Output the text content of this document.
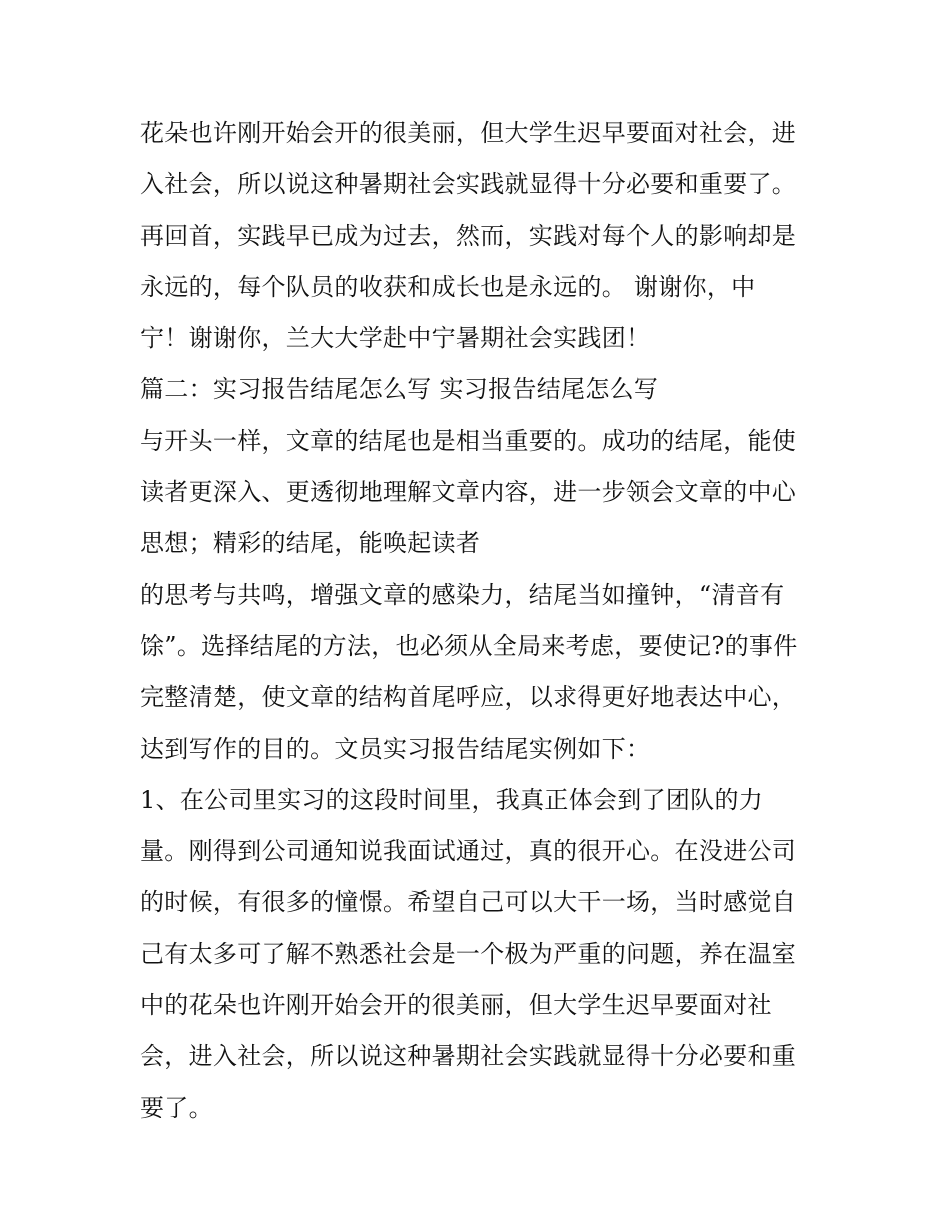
花朵也许刚开始会开的很美丽，但大学生迟早要面对社会，进
入社会，所以说这种暑期社会实践就显得十分必要和重要了。
再回首，实践早已成为过去，然而，实践对每个人的影响却是
永远的，每个队员的收获和成长也是永远的。 谢谢你，中
宁！谢谢你，兰大大学赴中宁暑期社会实践团！
篇二：实习报告结尾怎么写 实习报告结尾怎么写
与开头一样，文章的结尾也是相当重要的。成功的结尾，能使
读者更深入、更透彻地理解文章内容，进一步领会文章的中心
思想；精彩的结尾，能唤起读者
的思考与共鸣，增强文章的感染力，结尾当如撞钟，“清音有
馀”。选择结尾的方法，也必须从全局来考虑，要使记?的事件
完整清楚，使文章的结构首尾呼应，以求得更好地表达中心，
达到写作的目的。文员实习报告结尾实例如下：
1、在公司里实习的这段时间里，我真正体会到了团队的力
量。刚得到公司通知说我面试通过，真的很开心。在没进公司
的时候，有很多的憧憬。希望自己可以大干一场，当时感觉自
己有太多可了解不熟悉社会是一个极为严重的问题，养在温室
中的花朵也许刚开始会开的很美丽，但大学生迟早要面对社
会，进入社会，所以说这种暑期社会实践就显得十分必要和重
要了。
